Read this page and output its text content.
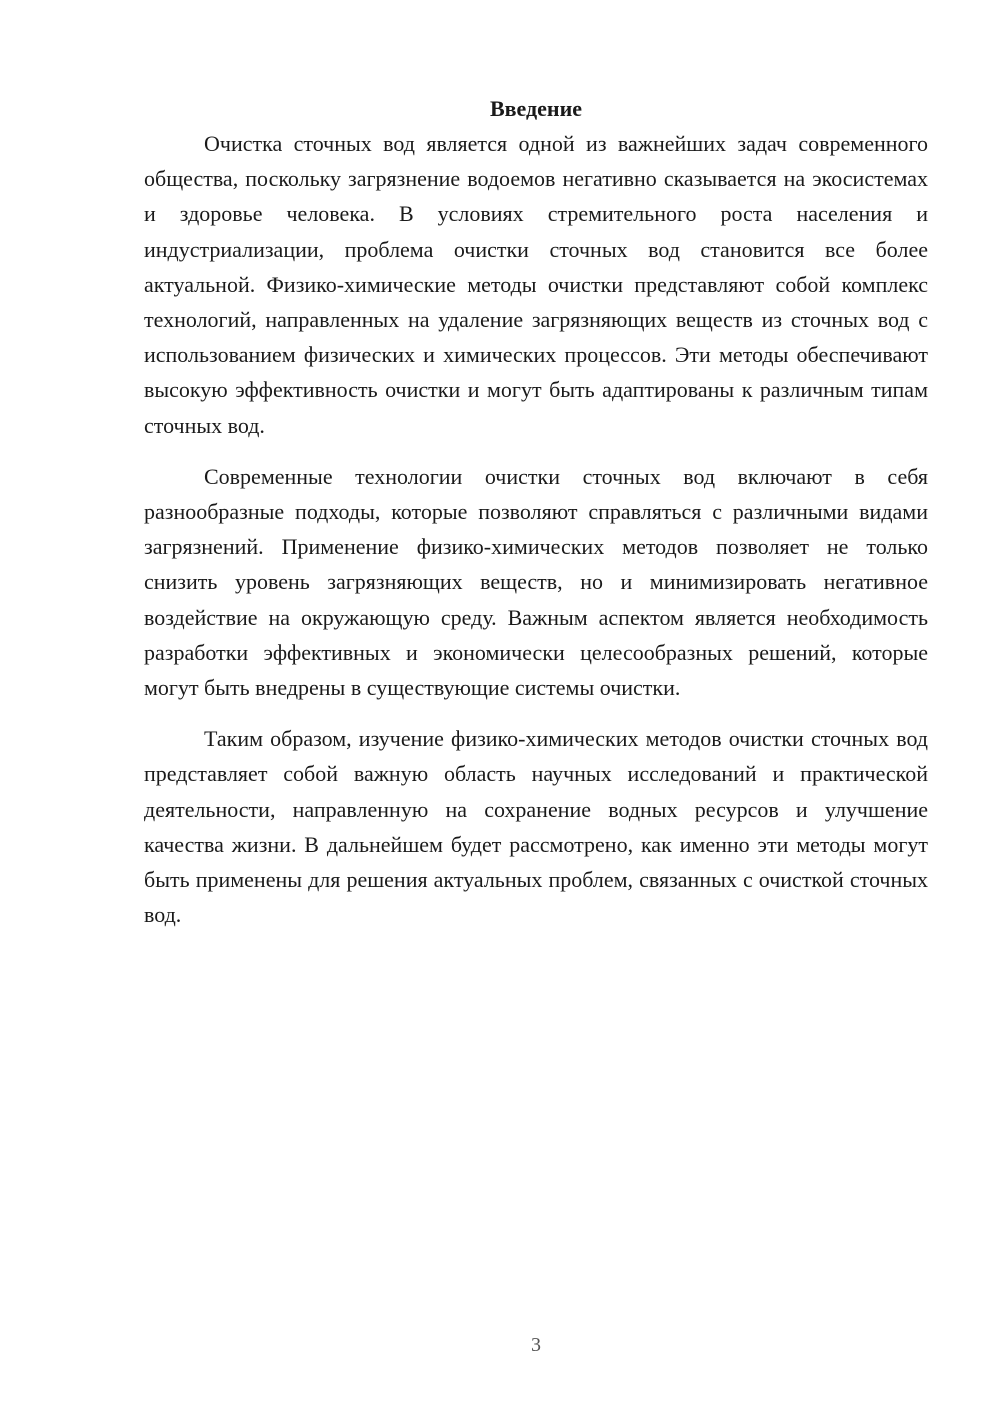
Введение

Очистка сточных вод является одной из важнейших задач современного общества, поскольку загрязнение водоемов негативно сказывается на экосистемах и здоровье человека. В условиях стремительного роста населения и индустриализации, проблема очистки сточных вод становится все более актуальной. Физико-химические методы очистки представляют собой комплекс технологий, направленных на удаление загрязняющих веществ из сточных вод с использованием физических и химических процессов. Эти методы обеспечивают высокую эффективность очистки и могут быть адаптированы к различным типам сточных вод.

Современные технологии очистки сточных вод включают в себя разнообразные подходы, которые позволяют справляться с различными видами загрязнений. Применение физико-химических методов позволяет не только снизить уровень загрязняющих веществ, но и минимизировать негативное воздействие на окружающую среду. Важным аспектом является необходимость разработки эффективных и экономически целесообразных решений, которые могут быть внедрены в существующие системы очистки.

Таким образом, изучение физико-химических методов очистки сточных вод представляет собой важную область научных исследований и практической деятельности, направленную на сохранение водных ресурсов и улучшение качества жизни. В дальнейшем будет рассмотрено, как именно эти методы могут быть применены для решения актуальных проблем, связанных с очисткой сточных вод.

3
